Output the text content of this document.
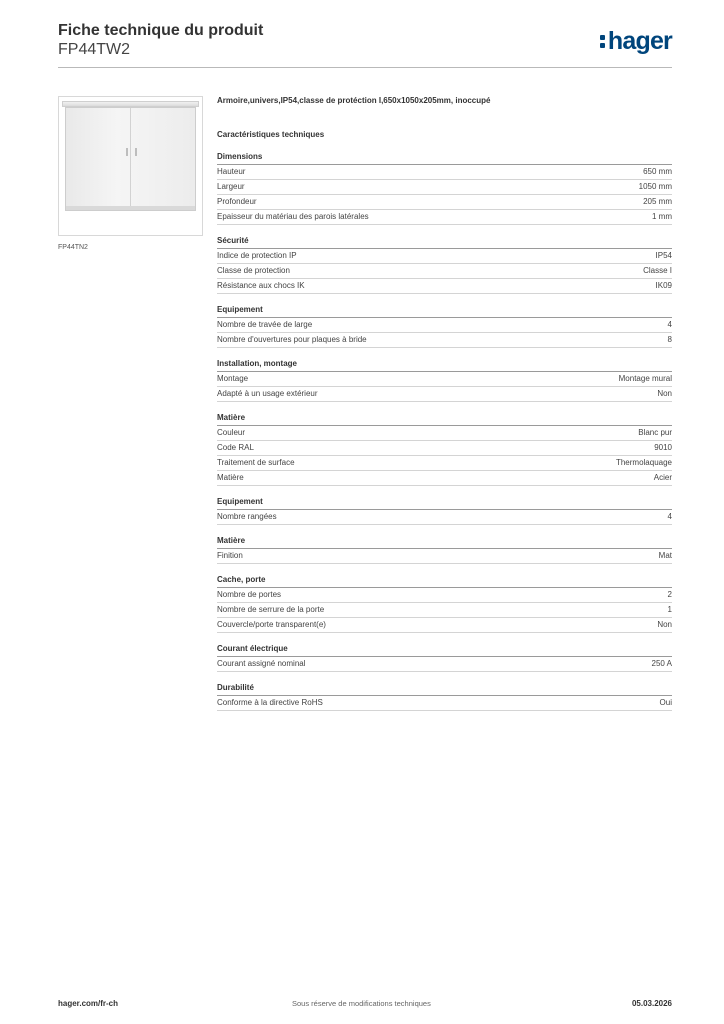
Fiche technique du produit
FP44TW2	hager
FP44TN2
Armoire,univers,IP54,classe de protéction I,650x1050x205mm, inoccupé
Caractéristiques techniques
Dimensions
Hauteur	650 mm
Largeur	1050 mm
Profondeur	205 mm
Epaisseur du matériau des parois latérales	1 mm
Sécurité
Indice de protection IP	IP54
Classe de protection	Classe I
Résistance aux chocs IK	IK09
Equipement
Nombre de travée de large	4
Nombre d'ouvertures pour plaques à bride	8
Installation, montage
Montage	Montage mural
Adapté à un usage extérieur	Non
Matière
Couleur	Blanc pur
Code RAL	9010
Traitement de surface	Thermolaquage
Matière	Acier
Equipement
Nombre rangées	4
Matière
Finition	Mat
Cache, porte
Nombre de portes	2
Nombre de serrure de la porte	1
Couvercle/porte transparent(e)	Non
Courant électrique
Courant assigné nominal	250 A
Durabilité
Conforme à la directive RoHS	Oui
hager.com/fr-ch	Sous réserve de modifications techniques	05.03.2026
